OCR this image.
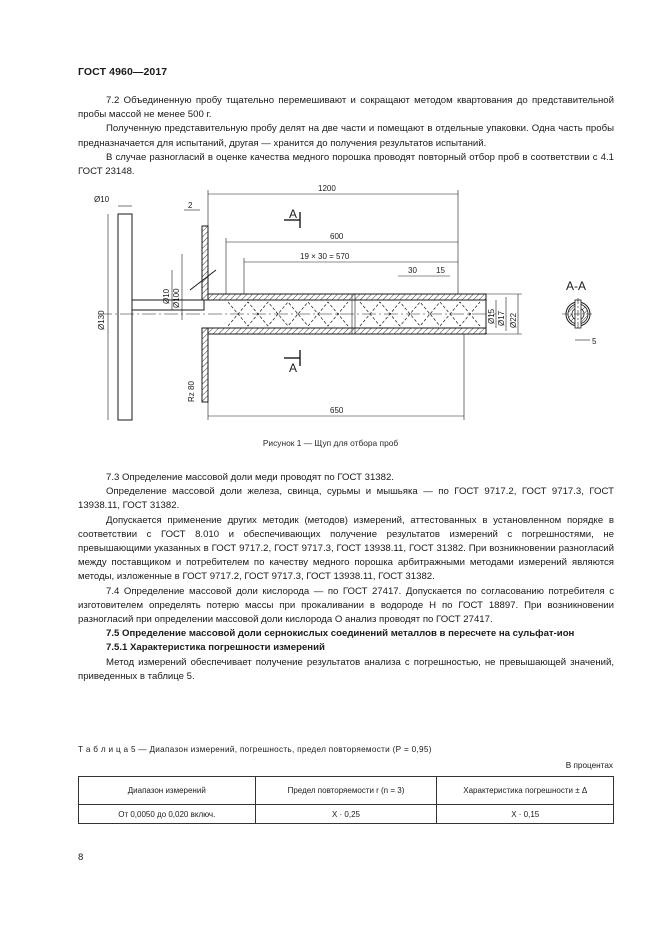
ГОСТ 4960—2017

7.2 Объединенную пробу тщательно перемешивают и сокращают методом квартования до представительной пробы массой не менее 500 г.

Полученную представительную пробу делят на две части и помещают в отдельные упаковки. Одна часть пробы предназначается для испытаний, другая — хранится до получения результатов испытаний.

В случае разногласий в оценке качества медного порошка проводят повторный отбор проб в соответствии с 4.1 ГОСТ 23148.

Ø10
Ø130
Ø10 Ø100
Rz 80
2
1200
600
19 × 30 = 570
30 15
Ø15 Ø17 Ø22
650
5
А
А
А-А
Рисунок 1 — Щуп для отбора проб

7.3 Определение массовой доли меди проводят по ГОСТ 31382.

Определение массовой доли железа, свинца, сурьмы и мышьяка — по ГОСТ 9717.2, ГОСТ 9717.3, ГОСТ 13938.11, ГОСТ 31382.

Допускается применение других методик (методов) измерений, аттестованных в установленном порядке в соответствии с ГОСТ 8.010 и обеспечивающих получение результатов измерений с погрешностями, не превышающими указанных в ГОСТ 9717.2, ГОСТ 9717.3, ГОСТ 13938.11, ГОСТ 31382. При возникновении разногласий между поставщиком и потребителем по качеству медного порошка арбитражными методами измерений являются методы, изложенные в ГОСТ 9717.2, ГОСТ 9717.3, ГОСТ 13938.11, ГОСТ 31382.

7.4 Определение массовой доли кислорода — по ГОСТ 27417. Допускается по согласованию потребителя с изготовителем определять потерю массы при прокаливании в водороде Н по ГОСТ 18897. При возникновении разногласий при определении массовой доли кислорода О анализ проводят по ГОСТ 27417.

7.5 Определение массовой доли сернокислых соединений металлов в пересчете на сульфат-ион

7.5.1 Характеристика погрешности измерений

Метод измерений обеспечивает получение результатов анализа с погрешностью, не превышающей значений, приведенных в таблице 5.

Т а б л и ц а 5 — Диапазон измерений, погрешность, предел повторяемости (Р = 0,95)
В процентах
Диапазон измерений	Предел повторяемости r (n = 3)	Характеристика погрешности ± Δ
От 0,0050 до 0,020 включ.	X · 0,25	X · 0,15
8
